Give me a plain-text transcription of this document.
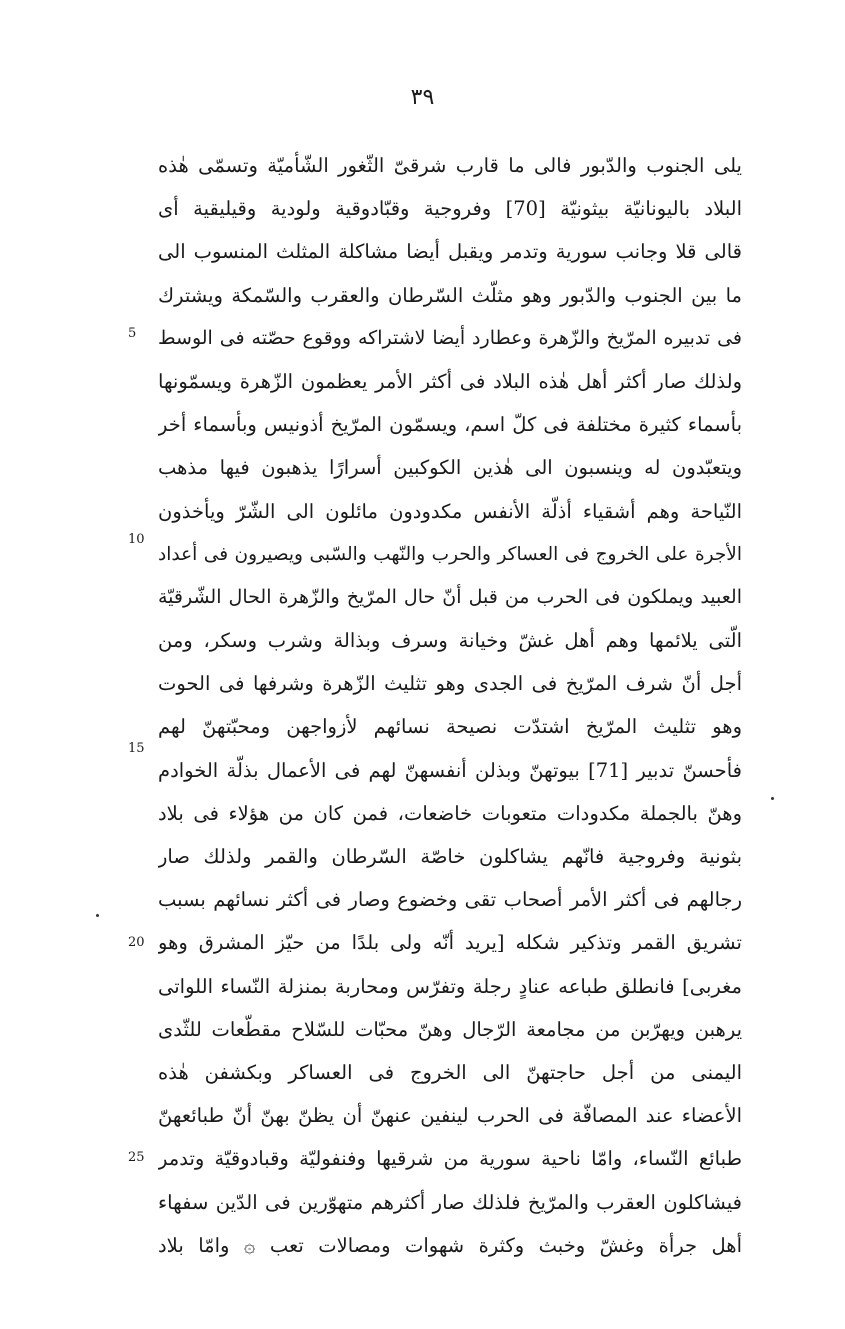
٣٩
يلى الجنوب والدّبور فالى ما قارب شرقىّ الثّغور الشّأميّة وتسمّى هٰذه
البلاد باليونانيّة بيثونيّة [70] وفروجية وقبّادوقية ولودية وقيليقية أى
قالى قلا وجانب سورية وتدمر ويقبل أيضا مشاكلة المثلث المنسوب الى
ما بين الجنوب والدّبور وهو مثلّث السّرطان والعقرب والسّمكة ويشترك
فى تدبيره المرّيخ والزّهرة وعطارد أيضا لاشتراكه ووقوع حصّته فى الوسط
ولذلك صار أكثر أهل هٰذه البلاد فى أكثر الأمر يعظمون الزّهرة ويسمّونها
بأسماء كثيرة مختلفة فى كلّ اسم، ويسمّون المرّيخ أذونيس وبأسماء أخر
ويتعبّدون له وينسبون الى هٰذين الكوكبين أسرارًا يذهبون فيها مذهب
النّياحة وهم أشقياء أذلّة الأنفس مكدودون مائلون الى الشّرّ ويأخذون
الأجرة على الخروج فى العساكر والحرب والنّهب والسّبى ويصيرون فى أعداد
العبيد ويملكون فى الحرب من قبل أنّ حال المرّيخ والزّهرة الحال الشّرقيّة
الّتى يلائمها وهم أهل غشّ وخيانة وسرف وبذالة وشرب وسكر، ومن
أجل أنّ شرف المرّيخ فى الجدى وهو تثليث الزّهرة وشرفها فى الحوت
وهو تثليث المرّيخ اشتدّت نصيحة نسائهم لأزواجهن ومحبّتهنّ لهم
فأحسنّ تدبير [71] بيوتهنّ وبذلن أنفسهنّ لهم فى الأعمال بذلّة الخوادم
وهنّ بالجملة مكدودات متعوبات خاضعات، فمن كان من هؤلاء فى بلاد
بثونية وفروجية فانّهم يشاكلون خاصّة السّرطان والقمر ولذلك صار
رجالهم فى أكثر الأمر أصحاب تقى وخضوع وصار فى أكثر نسائهم بسبب
تشريق القمر وتذكير شكله [يريد أنّه ولى بلدًا من حيّز المشرق وهو
مغربى] فانطلق طباعه عنادٍ رجلة وتفرّس ومحاربة بمنزلة النّساء اللواتى
يرهبن ويهرّبن من مجامعة الرّجال وهنّ محبّات للسّلاح مقطّعات للثّدى
اليمنى من أجل حاجتهنّ الى الخروج فى العساكر وبكشفن هٰذه
الأعضاء عند المصافّة فى الحرب لينفين عنهنّ أن يظنّ بهنّ أنّ طبائعهنّ
طبائع النّساء، وامّا ناحية سورية من شرقيها وفنفوليّة وقبادوقيّة وتدمر
فيشاكلون العقرب والمرّيخ فلذلك صار أكثرهم متهوّرين فى الدّين سفهاء
أهل جرأة وغشّ وخبث وكثرة شهوات ومصالات تعب ۞ وامّا بلاد
5
10
15
20
25
